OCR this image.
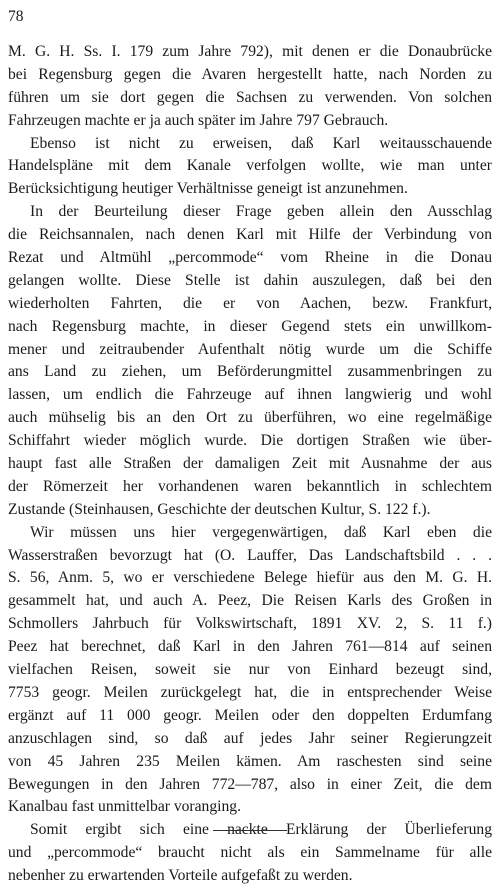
78
M. G. H. Ss. I. 179 zum Jahre 792), mit denen er die Donaubrücke
bei Regensburg gegen die Avaren hergestellt hatte, nach Norden zu
führen um sie dort gegen die Sachsen zu verwenden. Von solchen
Fahrzeugen machte er ja auch später im Jahre 797 Gebrauch.
Ebenso ist nicht zu erweisen, daß Karl weitausschauende
Handelspläne mit dem Kanale verfolgen wollte, wie man unter
Berücksichtigung heutiger Verhältnisse geneigt ist anzunehmen.
In der Beurteilung dieser Frage geben allein den Ausschlag
die Reichsannalen, nach denen Karl mit Hilfe der Verbindung von
Rezat und Altmühl „percommode“ vom Rheine in die Donau
gelangen wollte. Diese Stelle ist dahin auszulegen, daß bei den
wiederholten Fahrten, die er von Aachen, bezw. Frankfurt,
nach Regensburg machte, in dieser Gegend stets ein unwillkom-
mener und zeitraubender Aufenthalt nötig wurde um die Schiffe
ans Land zu ziehen, um Beförderungmittel zusammenbringen zu
lassen, um endlich die Fahrzeuge auf ihnen langwierig und wohl
auch mühselig bis an den Ort zu überführen, wo eine regelmäßige
Schiffahrt wieder möglich wurde. Die dortigen Straßen wie über-
haupt fast alle Straßen der damaligen Zeit mit Ausnahme der aus
der Römerzeit her vorhandenen waren bekanntlich in schlechtem
Zustande (Steinhausen, Geschichte der deutschen Kultur, S. 122 f.).
Wir müssen uns hier vergegenwärtigen, daß Karl eben die
Wasserstraßen bevorzugt hat (O. Lauffer, Das Landschaftsbild . . .
S. 56, Anm. 5, wo er verschiedene Belege hiefür aus den M. G. H.
gesammelt hat, und auch A. Peez, Die Reisen Karls des Großen in
Schmollers Jahrbuch für Volkswirtschaft, 1891 XV. 2, S. 11 f.)
Peez hat berechnet, daß Karl in den Jahren 761—814 auf seinen
vielfachen Reisen, soweit sie nur von Einhard bezeugt sind,
7753 geogr. Meilen zurückgelegt hat, die in entsprechender Weise
ergänzt auf 11 000 geogr. Meilen oder den doppelten Erdumfang
anzuschlagen sind, so daß auf jedes Jahr seiner Regierungzeit
von 45 Jahren 235 Meilen kämen. Am raschesten sind seine
Bewegungen in den Jahren 772—787, also in einer Zeit, die dem
Kanalbau fast unmittelbar voranging.
Somit ergibt sich eine nackte Erklärung der Überlieferung
und „percommode“ braucht nicht als ein Sammelname für alle
nebenher zu erwartenden Vorteile aufgefaßt zu werden.
